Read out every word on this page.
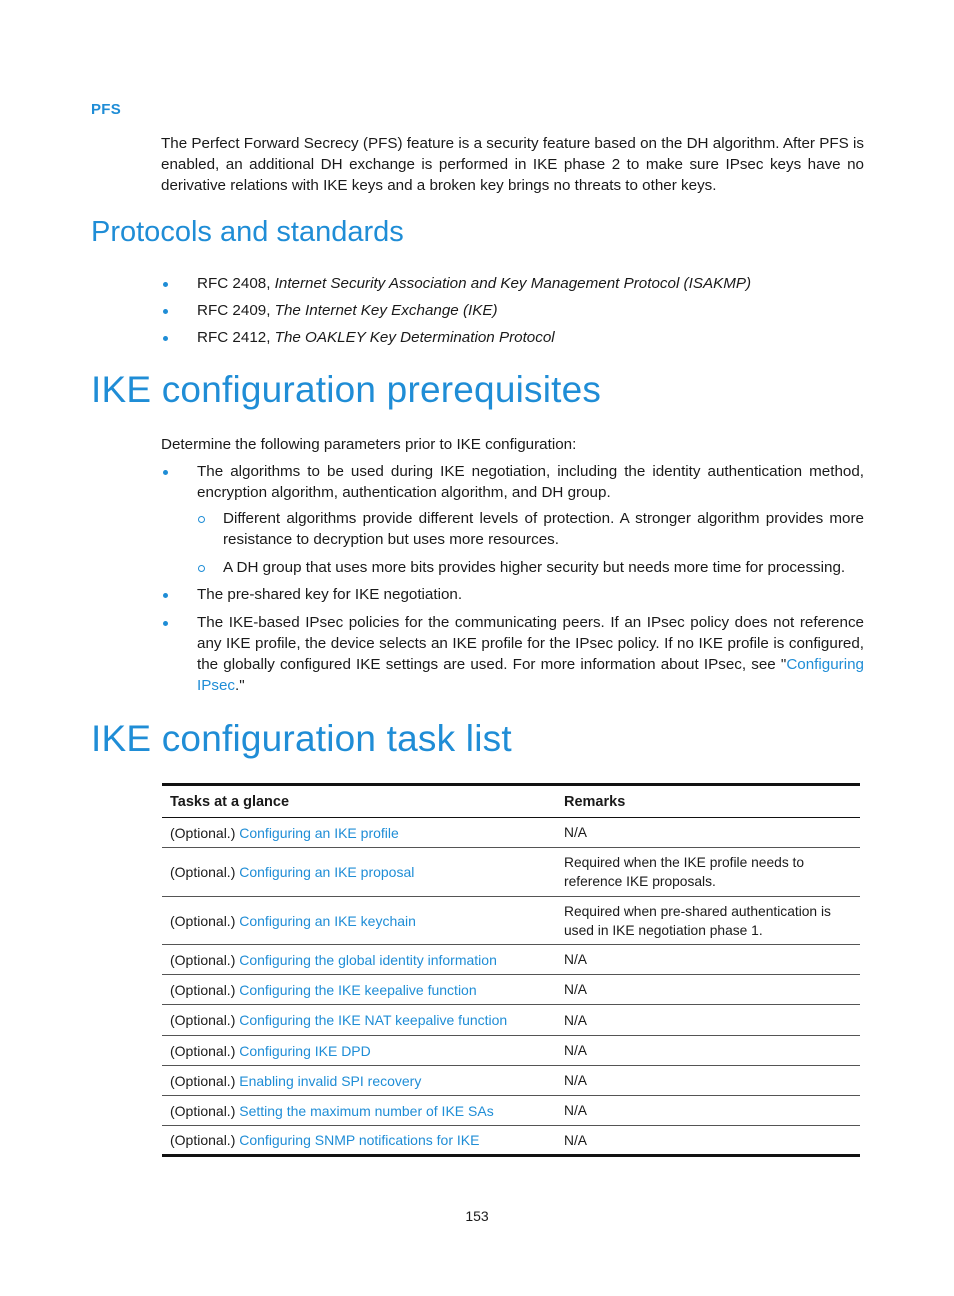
PFS

The Perfect Forward Secrecy (PFS) feature is a security feature based on the DH algorithm. After PFS is enabled, an additional DH exchange is performed in IKE phase 2 to make sure IPsec keys have no derivative relations with IKE keys and a broken key brings no threats to other keys.

Protocols and standards
RFC 2408, Internet Security Association and Key Management Protocol (ISAKMP)
RFC 2409, The Internet Key Exchange (IKE)
RFC 2412, The OAKLEY Key Determination Protocol
IKE configuration prerequisites

Determine the following parameters prior to IKE configuration:

The algorithms to be used during IKE negotiation, including the identity authentication method, encryption algorithm, authentication algorithm, and DH group.
Different algorithms provide different levels of protection. A stronger algorithm provides more resistance to decryption but uses more resources.
A DH group that uses more bits provides higher security but needs more time for processing.
The pre-shared key for IKE negotiation.
The IKE-based IPsec policies for the communicating peers. If an IPsec policy does not reference any IKE profile, the device selects an IKE profile for the IPsec policy. If no IKE profile is configured, the globally configured IKE settings are used. For more information about IPsec, see "Configuring IPsec."
IKE configuration task list
Tasks at a glance	Remarks
(Optional.) Configuring an IKE profile	N/A
(Optional.) Configuring an IKE proposal	Required when the IKE profile needs to reference IKE proposals.
(Optional.) Configuring an IKE keychain	Required when pre-shared authentication is used in IKE negotiation phase 1.
(Optional.) Configuring the global identity information	N/A
(Optional.) Configuring the IKE keepalive function	N/A
(Optional.) Configuring the IKE NAT keepalive function	N/A
(Optional.) Configuring IKE DPD	N/A
(Optional.) Enabling invalid SPI recovery	N/A
(Optional.) Setting the maximum number of IKE SAs	N/A
(Optional.) Configuring SNMP notifications for IKE	N/A
153
